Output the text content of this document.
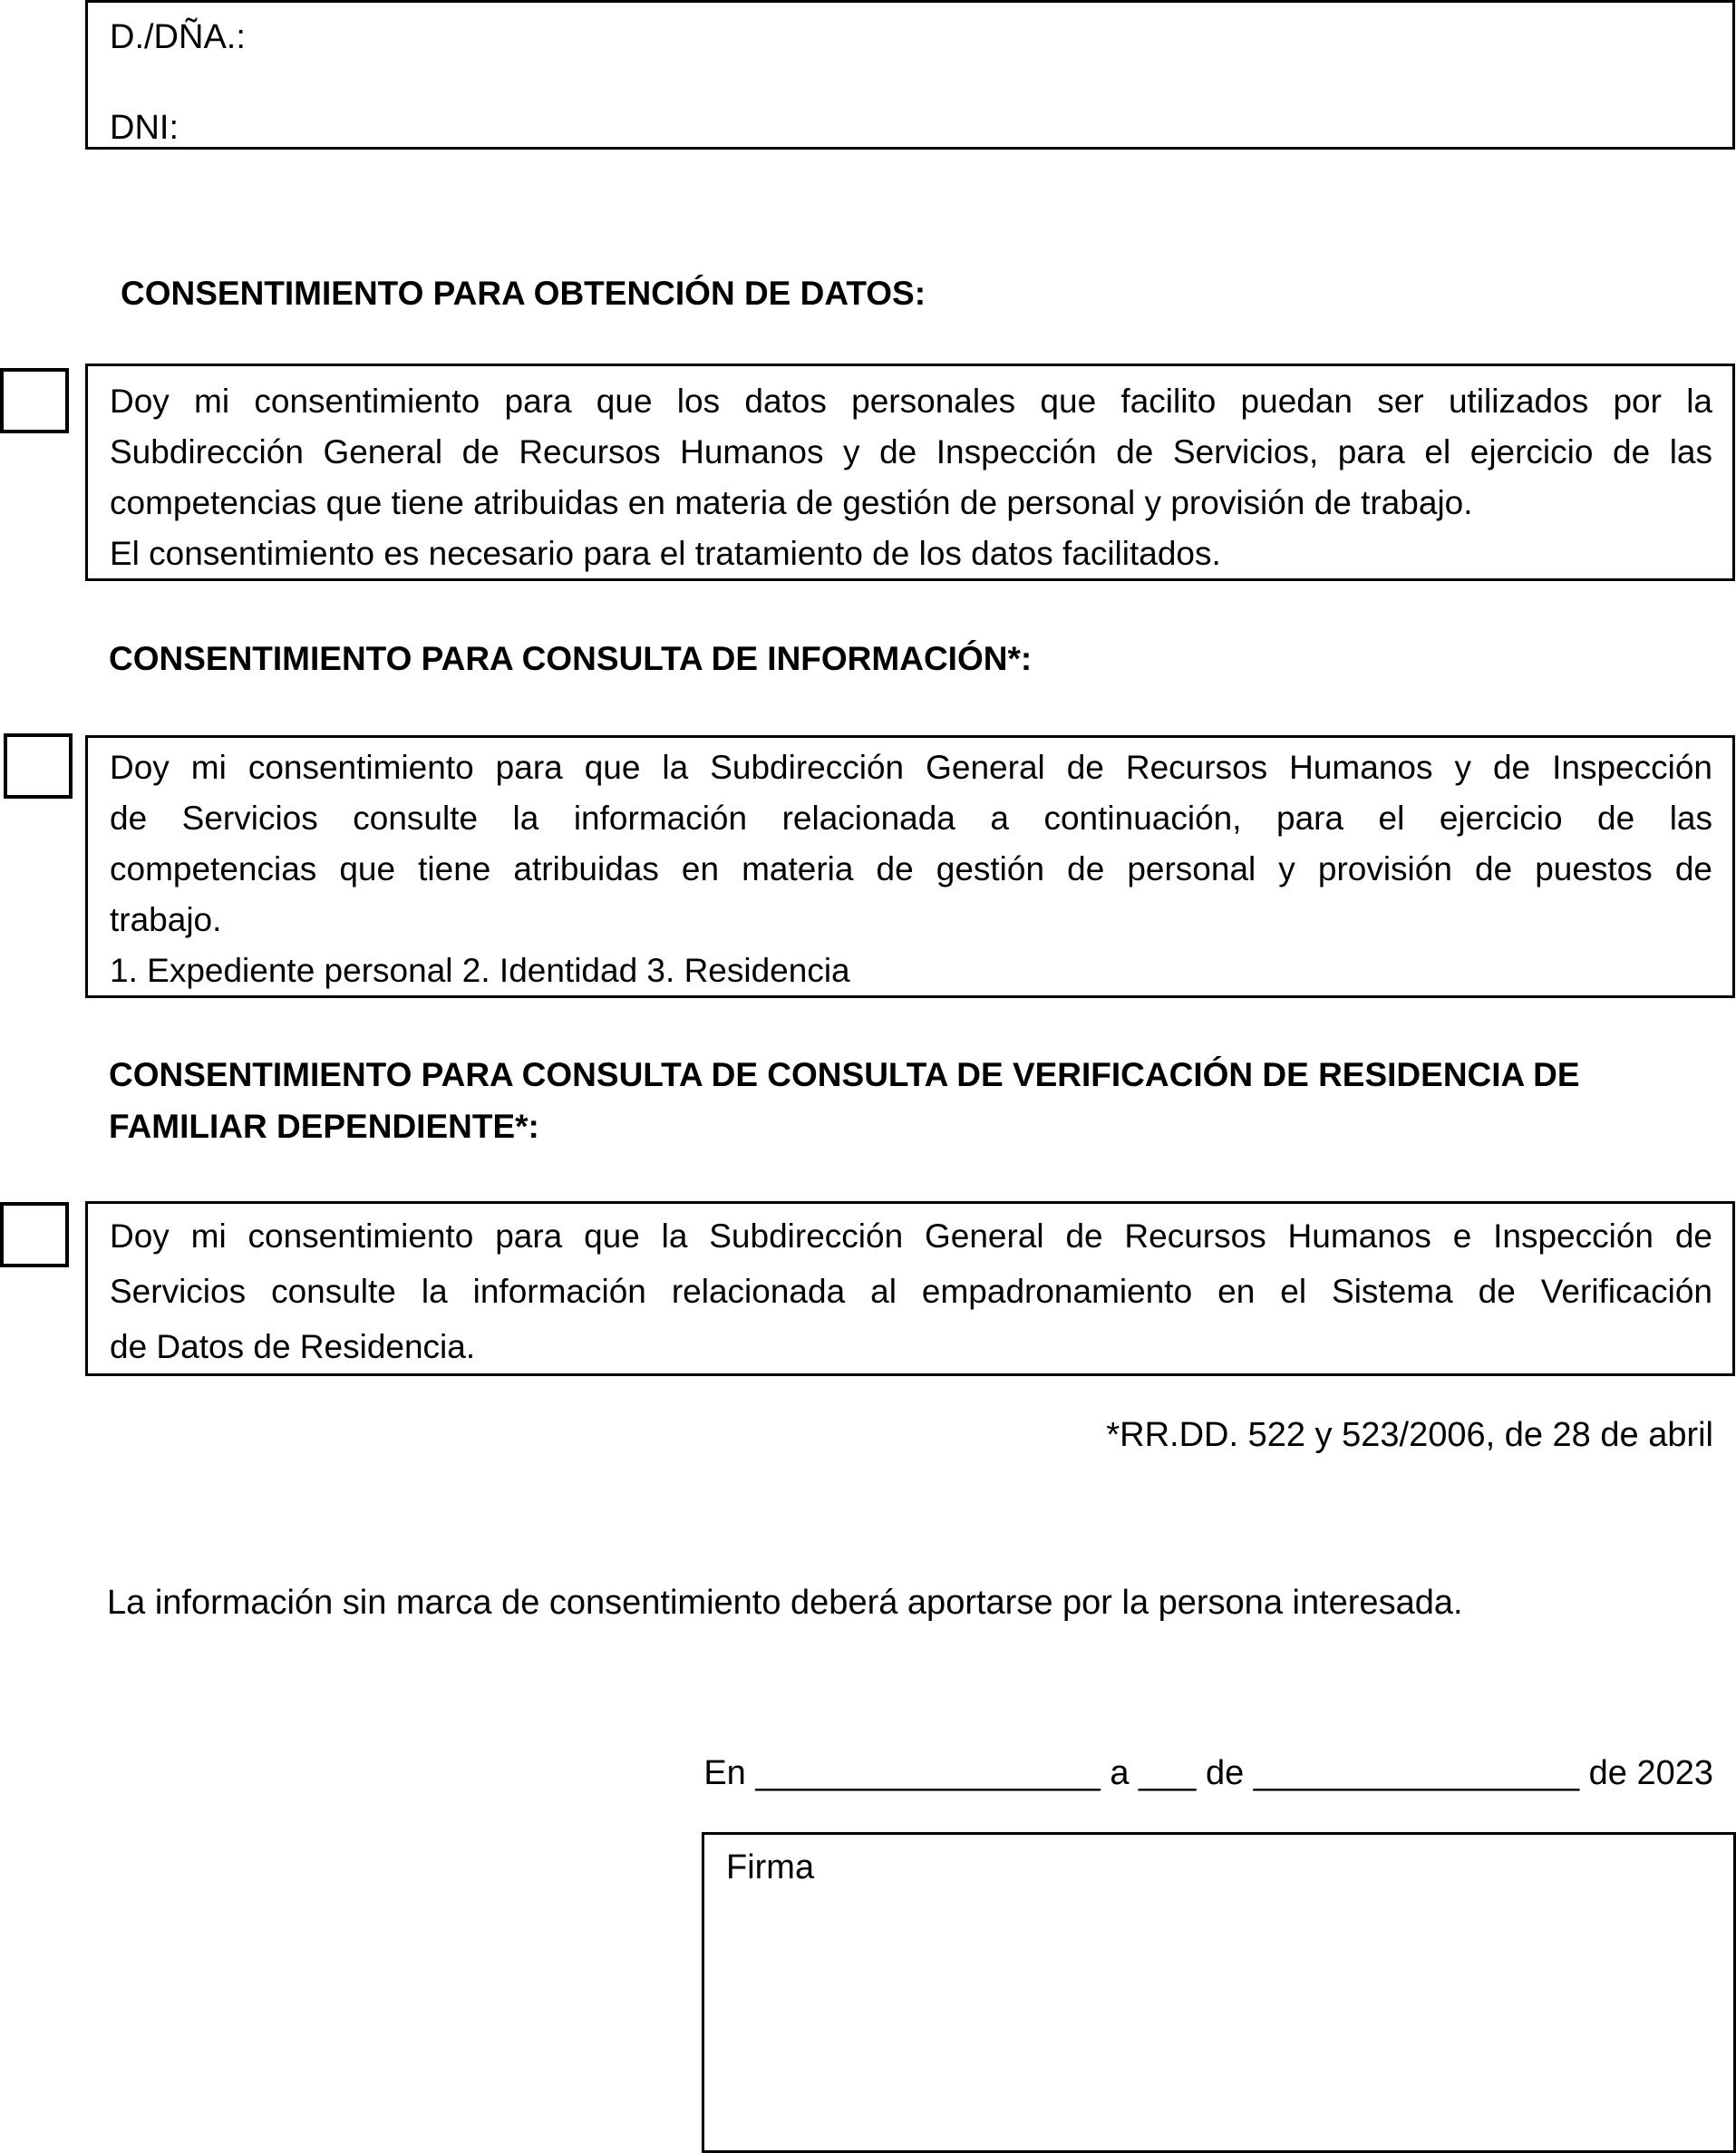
D./DÑA.:
DNI:
CONSENTIMIENTO PARA OBTENCIÓN DE DATOS:
Doy mi consentimiento para que los datos personales que facilito puedan ser utilizados por la
Subdirección General de Recursos Humanos y de Inspección de Servicios, para el ejercicio de las
competencias que tiene atribuidas en materia de gestión de personal y provisión de trabajo.
El consentimiento es necesario para el tratamiento de los datos facilitados.
CONSENTIMIENTO PARA CONSULTA DE INFORMACIÓN*:
Doy mi consentimiento para que la Subdirección General de Recursos Humanos y de Inspección
de Servicios consulte la información relacionada a continuación, para el ejercicio de las
competencias que tiene atribuidas en materia de gestión de personal y provisión de puestos de
trabajo.
1. Expediente personal 2. Identidad 3. Residencia
CONSENTIMIENTO PARA CONSULTA DE CONSULTA DE VERIFICACIÓN DE RESIDENCIA DE
FAMILIAR DEPENDIENTE*:
Doy mi consentimiento para que la Subdirección General de Recursos Humanos e Inspección de
Servicios consulte la información relacionada al empadronamiento en el Sistema de Verificación
de Datos de Residencia.
*RR.DD. 522 y 523/2006, de 28 de abril
La información sin marca de consentimiento deberá aportarse por la persona interesada.
En __________________ a ___ de _________________ de 2023
Firma
